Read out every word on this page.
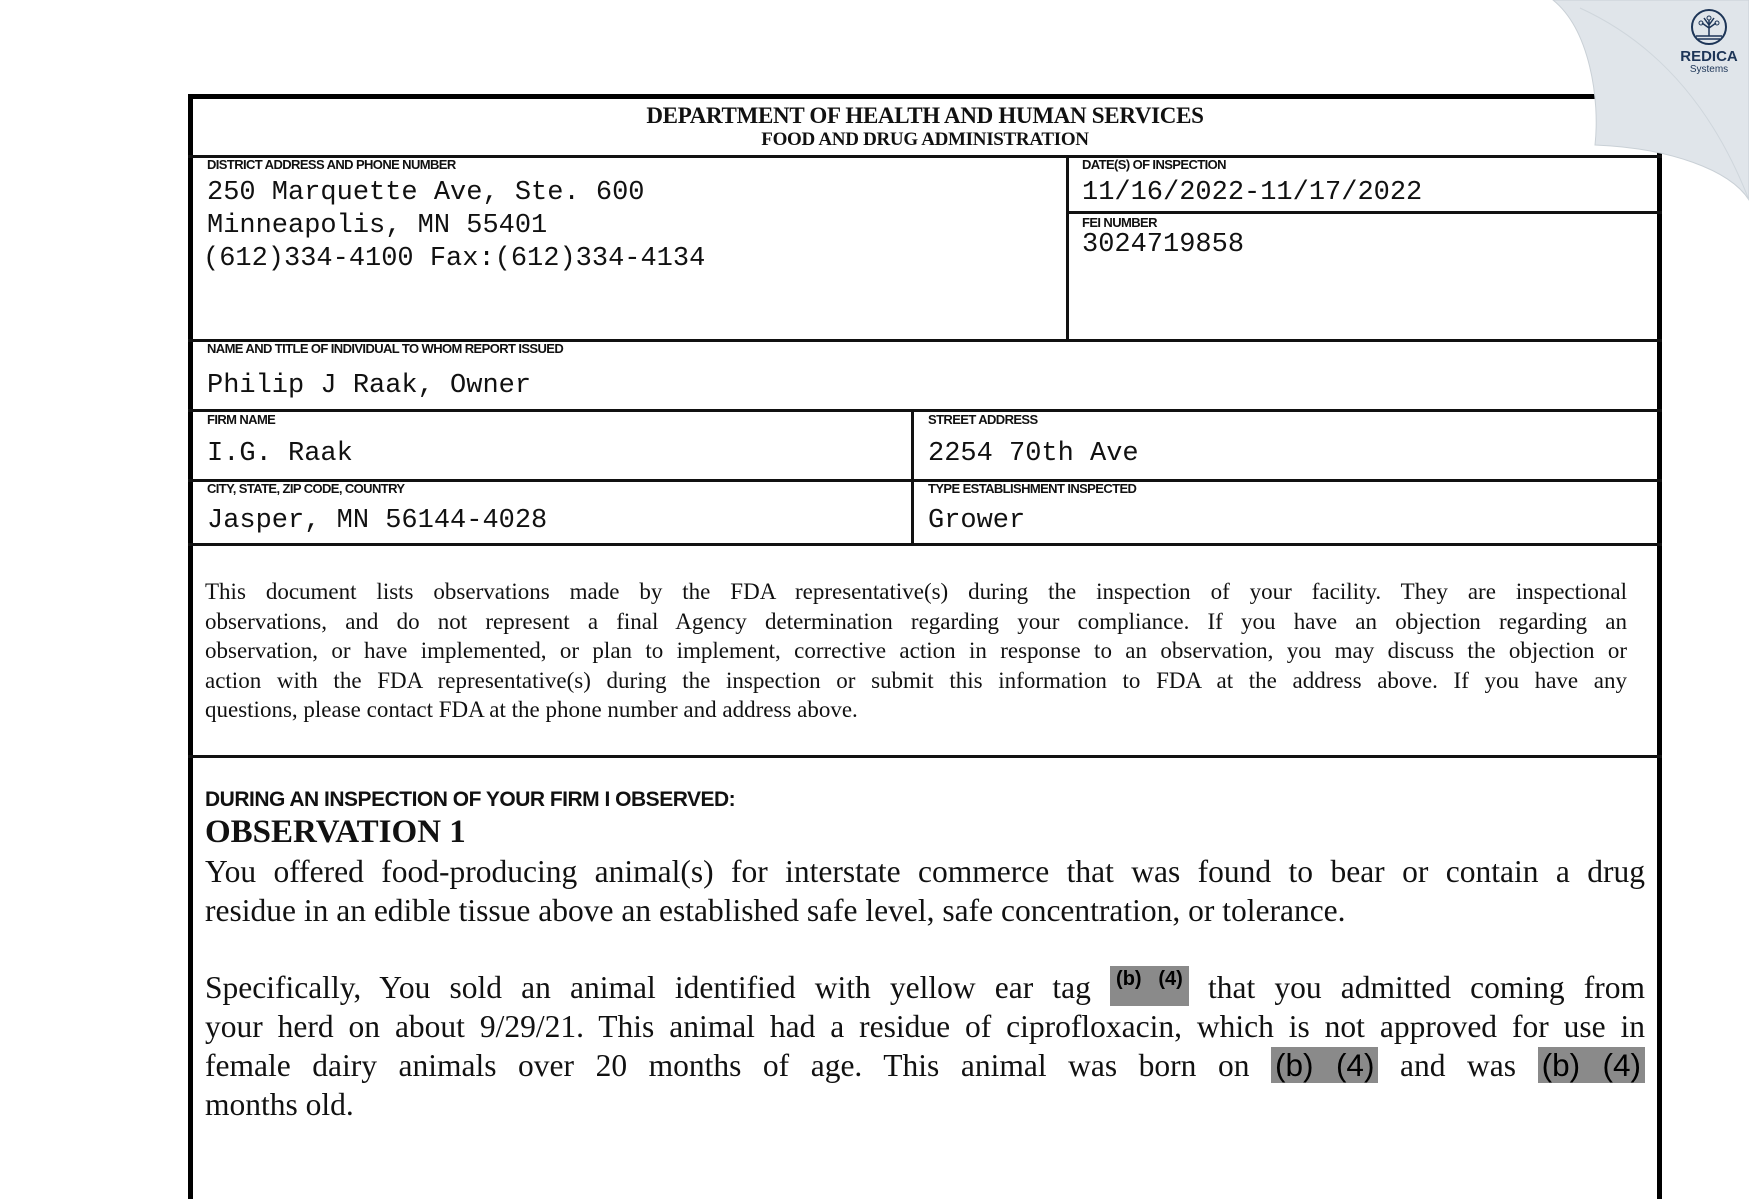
DEPARTMENT OF HEALTH AND HUMAN SERVICES
FOOD AND DRUG ADMINISTRATION
DISTRICT ADDRESS AND PHONE NUMBER
250 Marquette Ave, Ste. 600
Minneapolis, MN 55401
(612)334-4100 Fax:(612)334-4134
DATE(S) OF INSPECTION
11/16/2022-11/17/2022
FEI NUMBER
3024719858
NAME AND TITLE OF INDIVIDUAL TO WHOM REPORT ISSUED
Philip J Raak, Owner
FIRM NAME
I.G. Raak
STREET ADDRESS
2254 70th Ave
CITY, STATE, ZIP CODE, COUNTRY
Jasper, MN 56144-4028
TYPE ESTABLISHMENT INSPECTED
Grower
This document lists observations made by the FDA representative(s) during the inspection of your facility. They are inspectional
observations, and do not represent a final Agency determination regarding your compliance. If you have an objection regarding an
observation, or have implemented, or plan to implement, corrective action in response to an observation, you may discuss the objection or
action with the FDA representative(s) during the inspection or submit this information to FDA at the address above. If you have any
questions, please contact FDA at the phone number and address above.
DURING AN INSPECTION OF YOUR FIRM I OBSERVED:
OBSERVATION 1
You offered food-producing animal(s) for interstate commerce that was found to bear or contain a drug
residue in an edible tissue above an established safe level, safe concentration, or tolerance.
Specifically, You sold an animal identified with yellow ear tag $^{(b) (4)}$ that you admitted coming from
your herd on about 9/29/21. This animal had a residue of ciprofloxacin, which is not approved for use in
female dairy animals over 20 months of age. This animal was born on (b) (4) and was (b) (4)
months old.
REDICA
Systems
